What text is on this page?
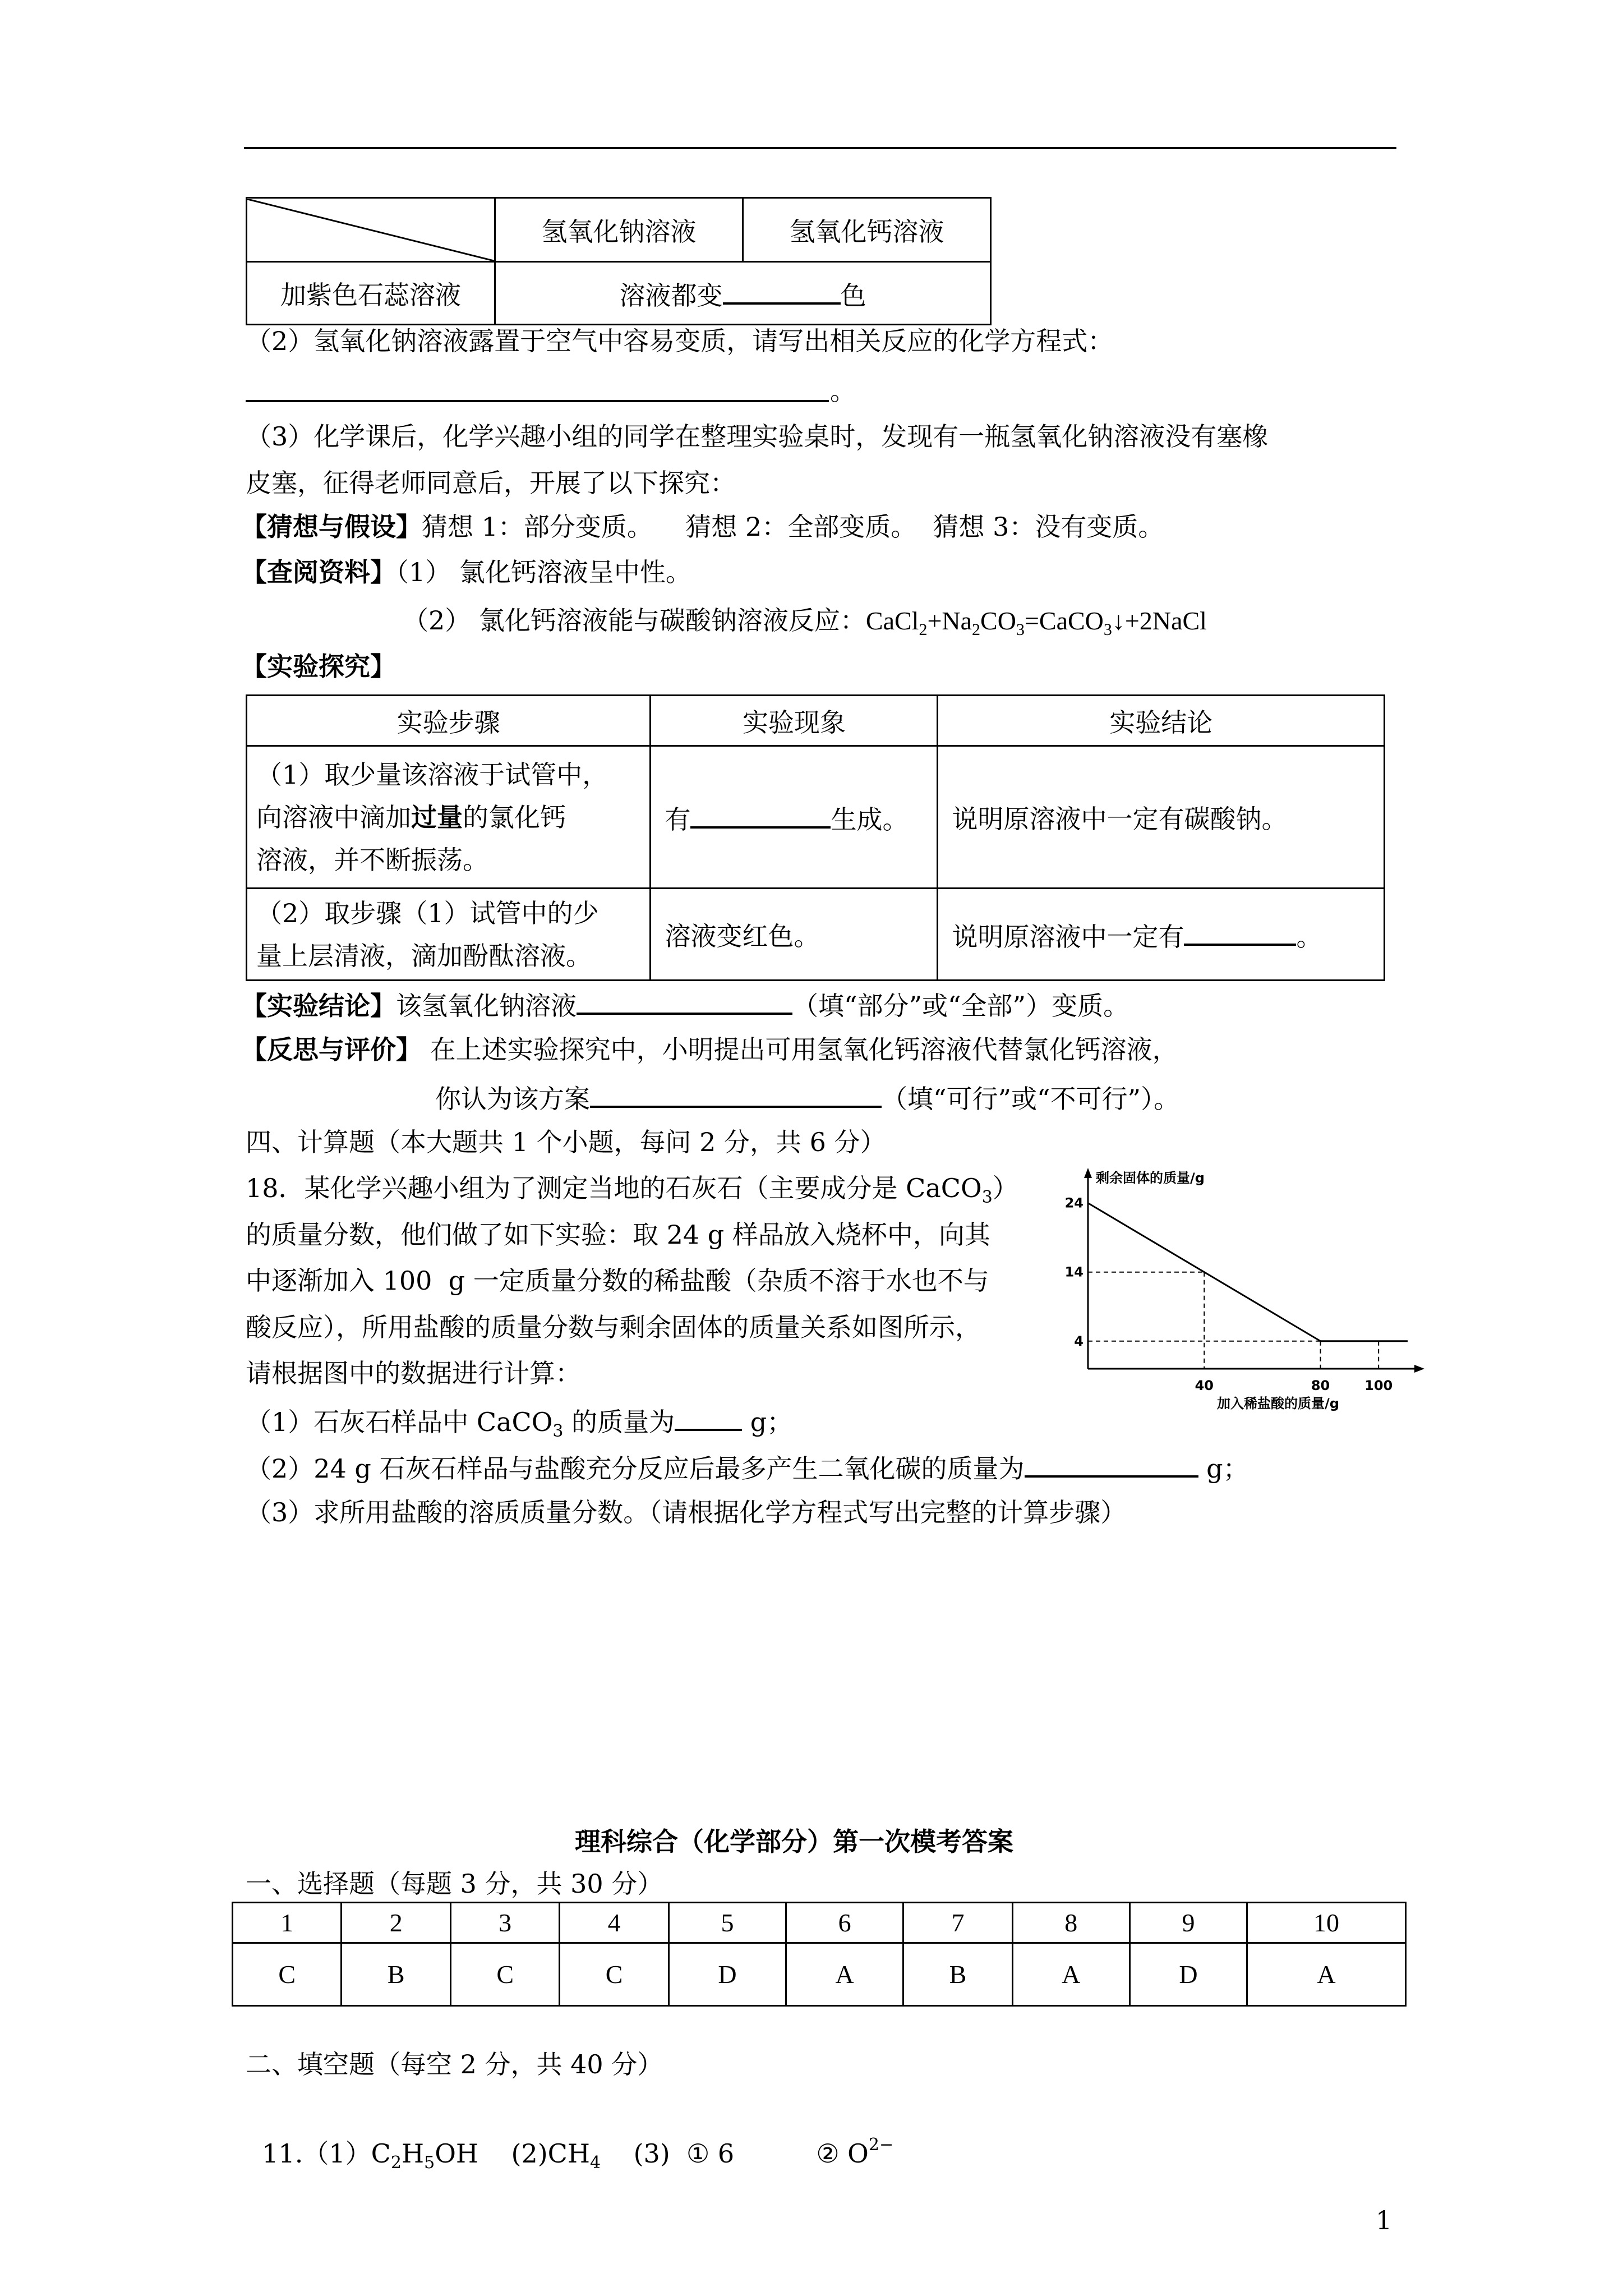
	氢氧化钠溶液	氢氧化钙溶液
加紫色石蕊溶液	溶液都变 色	
（2）氢氧化钠溶液露置于空气中容易变质，请写出相关反应的化学方程式：
。
（3）化学课后，化学兴趣小组的同学在整理实验桌时，发现有一瓶氢氧化钠溶液没有塞橡
皮塞，征得老师同意后，开展了以下探究：
【猜想与假设】猜想 1：部分变质。    猜想 2：全部变质。  猜想 3：没有变质。
【查阅资料】（1） 氯化钙溶液呈中性。
（2） 氯化钙溶液能与碳酸钠溶液反应：$CaCl_2+Na_2CO_3=CaCO_3↓+2NaCl$
【实验探究】
实验步骤	实验现象	实验结论

（1）取少量该溶液于试管中，
向溶液中滴加过量的氯化钙
溶液，并不断振荡。	有 生成。	说明原溶液中一定有碳酸钠。

（2）取步骤（1）试管中的少
量上层清液，滴加酚酞溶液。	溶液变红色。	说明原溶液中一定有 。
【实验结论】该氢氧化钠溶液	（填“部分”或“全部”）变质。
【反思与评价】 在上述实验探究中，小明提出可用氢氧化钙溶液代替氯化钙溶液，
你认为该方案	（填“可行”或“不可行”）。
四、计算题（本大题共 1 个小题，每问 2 分，共 6 分）
18．某化学兴趣小组为了测定当地的石灰石（主要成分是 CaCO$_3$）
的质量分数，他们做了如下实验：取 24 g 样品放入烧杯中，向其
中逐渐加入 100  g 一定质量分数的稀盐酸（杂质不溶于水也不与
酸反应），所用盐酸的质量分数与剩余固体的质量关系如图所示，
请根据图中的数据进行计算：
剩余固体的质量/g
加入稀盐酸的质量/g
24
14
4
40	80	100
（1）石灰石样品中 CaCO$_3$ 的质量为	g；
（2）24 g 石灰石样品与盐酸充分反应后最多产生二氧化碳的质量为	g；
（3）求所用盐酸的溶质质量分数。（请根据化学方程式写出完整的计算步骤）
理科综合（化学部分）第一次模考答案
一、选择题（每题 3 分，共 30 分）
1	2	3	4	5	6	7	8	9	10
C	B	C	C	D	A	B	A	D	A
二、填空题（每空 2 分，共 40 分）

$11.(1)C_2H_5OH$    $(2)CH_4$    (3)  ① 6          ② $O^{2-}$

1
